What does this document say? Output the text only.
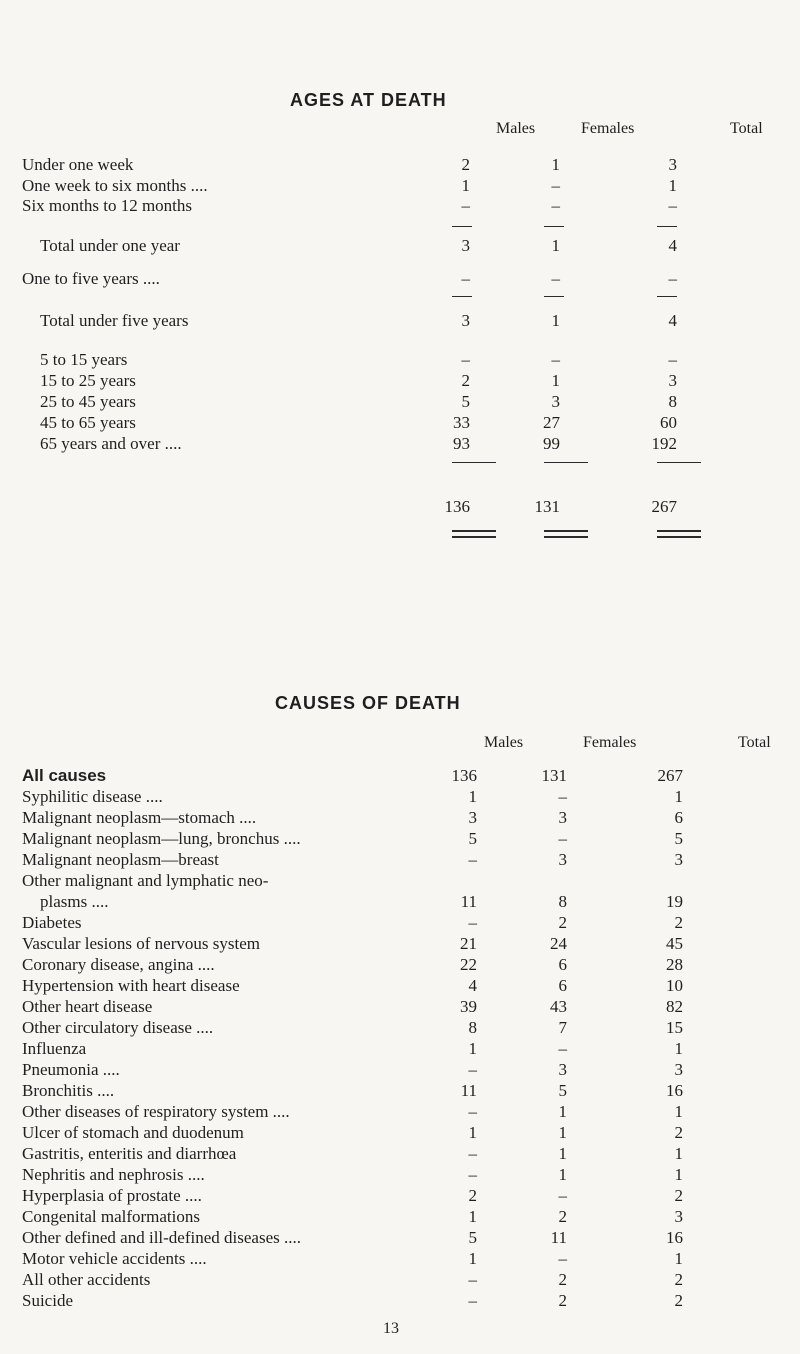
AGES AT DEATH
Males	Females	Total
Under one week	2	1	3
One week to six months ....	1	–	1
Six months to 12 months	–	–	–
Total under one year	3	1	4
One to five years ....	–	–	–
Total under five years	3	1	4
5 to 15 years	–	–	–
15 to 25 years	2	1	3
25 to 45 years	5	3	8
45 to 65 years	33	27	60
65 years and over ....	93	99	192
136	131	267
CAUSES OF DEATH
Males	Females	Total
All causes	136	131	267
Syphilitic disease ....	1	–	1
Malignant neoplasm—stomach ....	3	3	6
Malignant neoplasm—lung, bronchus ....	5	–	5
Malignant neoplasm—breast	–	3	3
Other malignant and lymphatic neo-
plasms ....	11	8	19
Diabetes	–	2	2
Vascular lesions of nervous system	21	24	45
Coronary disease, angina ....	22	6	28
Hypertension with heart disease	4	6	10
Other heart disease	39	43	82
Other circulatory disease ....	8	7	15
Influenza	1	–	1
Pneumonia ....	–	3	3
Bronchitis ....	11	5	16
Other diseases of respiratory system ....	–	1	1
Ulcer of stomach and duodenum	1	1	2
Gastritis, enteritis and diarrhœa	–	1	1
Nephritis and nephrosis ....	–	1	1
Hyperplasia of prostate ....	2	–	2
Congenital malformations	1	2	3
Other defined and ill-defined diseases ....	5	11	16
Motor vehicle accidents ....	1	–	1
All other accidents	–	2	2
Suicide	–	2	2
13
